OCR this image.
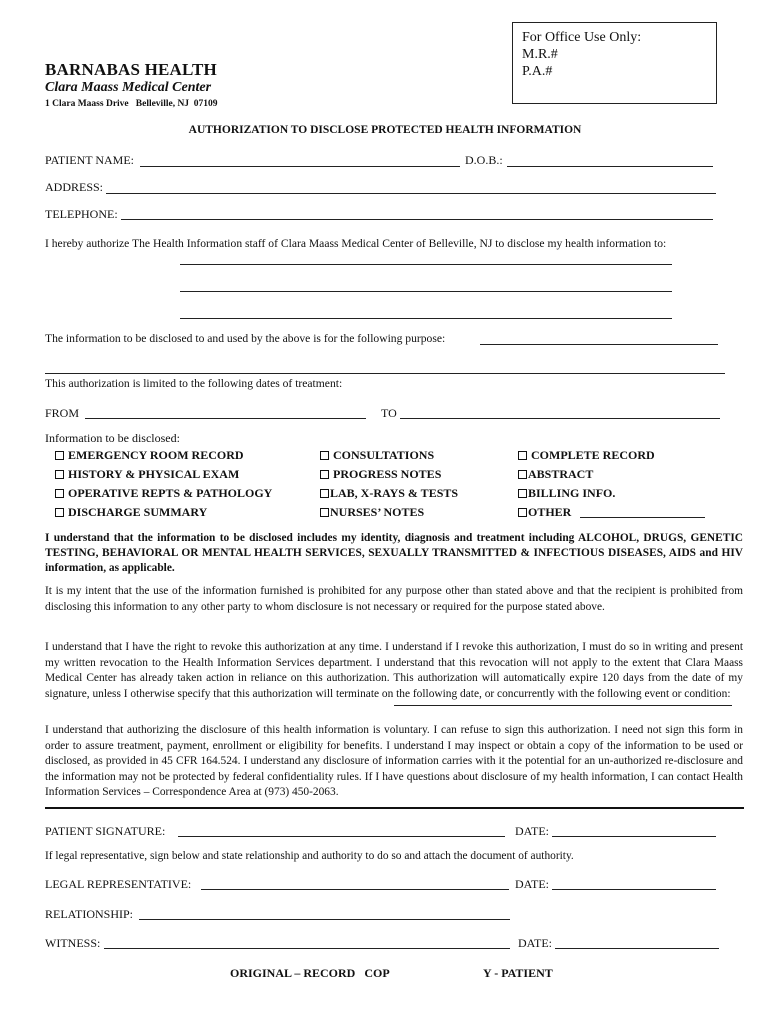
For Office Use Only:
M.R.#
P.A.#
BARNABAS HEALTH
Clara Maass Medical Center
1 Clara Maass Drive   Belleville, NJ  07109
AUTHORIZATION TO DISCLOSE PROTECTED HEALTH INFORMATION
PATIENT NAME:	D.O.B.:
ADDRESS:
TELEPHONE:
I hereby authorize The Health Information staff of Clara Maass Medical Center of Belleville, NJ to disclose my health information to:
The information to be disclosed to and used by the above is for the following purpose:
This authorization is limited to the following dates of treatment:
FROM	TO
Information to be disclosed:
EMERGENCY ROOM RECORD
HISTORY & PHYSICAL EXAM
OPERATIVE REPTS & PATHOLOGY
DISCHARGE SUMMARY
CONSULTATIONS
PROGRESS NOTES
LAB, X-RAYS & TESTS
NURSES’ NOTES
COMPLETE RECORD
ABSTRACT
BILLING INFO.
OTHER
I understand that the information to be disclosed includes my identity, diagnosis and treatment including ALCOHOL, DRUGS, GENETIC TESTING, BEHAVIORAL OR MENTAL HEALTH SERVICES, SEXUALLY TRANSMITTED & INFECTIOUS DISEASES, AIDS and HIV information, as applicable.
It is my intent that the use of the information furnished is prohibited for any purpose other than stated above and that the recipient is prohibited from disclosing this information to any other party to whom disclosure is not necessary or required for the purpose stated above.
I understand that I have the right to revoke this authorization at any time. I understand if I revoke this authorization, I must do so in writing and present my written revocation to the Health Information Services department. I understand that this revocation will not apply to the extent that Clara Maass Medical Center has already taken action in reliance on this authorization. This authorization will automatically expire 120 days from the date of my signature, unless I otherwise specify that this authorization will terminate on the following date, or concurrently with the following event or condition:
I understand that authorizing the disclosure of this health information is voluntary. I can refuse to sign this authorization. I need not sign this form in order to assure treatment, payment, enrollment or eligibility for benefits. I understand I may inspect or obtain a copy of the information to be used or disclosed, as provided in 45 CFR 164.524. I understand any disclosure of information carries with it the potential for an un-authorized re-disclosure and the information may not be protected by federal confidentiality rules. If I have questions about disclosure of my health information, I can contact Health Information Services – Correspondence Area at (973) 450-2063.
PATIENT SIGNATURE:	DATE:
If legal representative, sign below and state relationship and authority to do so and attach the document of authority.
LEGAL REPRESENTATIVE:	DATE:
RELATIONSHIP:
WITNESS:	DATE:
ORIGINAL – RECORD   COP	Y - PATIENT
